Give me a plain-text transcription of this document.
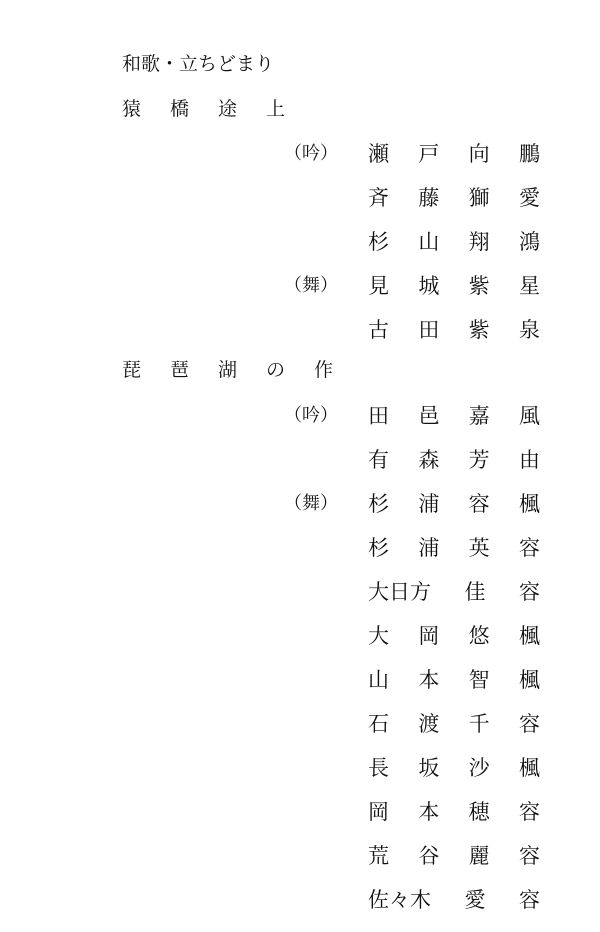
和歌・立ちどまり
猿 橋 途 上
（吟） 瀬 戸 向 鵬
斉 藤 獅 愛
杉 山 翔 鴻
（舞） 見 城 紫 星
古 田 紫 泉
琵 琶 湖 の 作
（吟） 田 邑 嘉 風
有 森 芳 由
（舞） 杉 浦 容 楓
杉 浦 英 容
大日方 佳 容
大 岡 悠 楓
山 本 智 楓
石 渡 千 容
長 坂 沙 楓
岡 本 穂 容
荒 谷 麗 容
佐々木 愛 容
